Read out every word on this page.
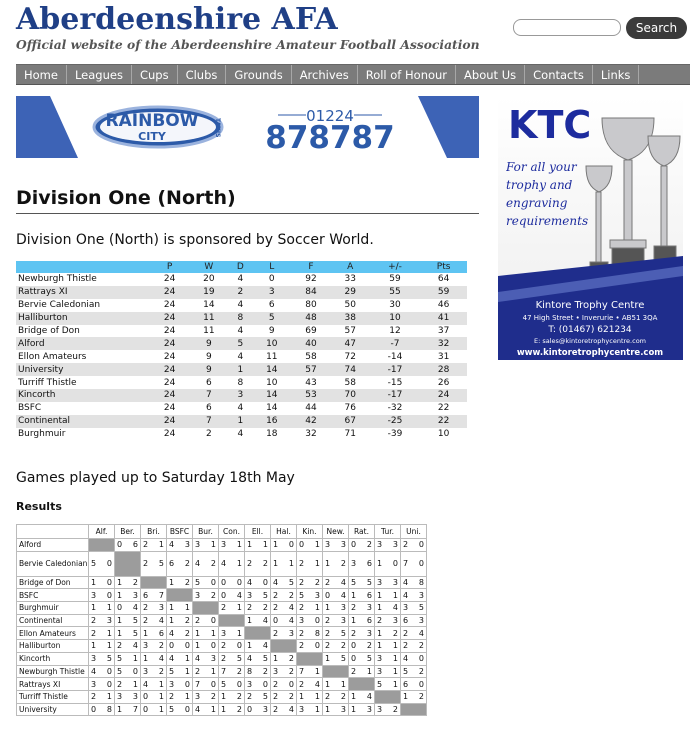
Aberdeenshire AFA
Official website of the Aberdeenshire Amateur Football Association
Search
Home	Leagues	Cups	Clubs	Grounds	Archives	Roll of Honour	About Us	Contacts	Links
RAINBOW
CITY	TAXIS
01224
878787	KTC
For all your trophy and engraving requirements
Kintore Trophy Centre
47 High Street • Inverurie • AB51 3QA
T: (01467) 621234
E: sales@kintoretrophycentre.com
www.kintoretrophycentre.com
Division One (North)
Division One (North) is sponsored by Soccer World.
	P	W	D	L	F	A	+/-	Pts
Newburgh Thistle	24	20	4	0	92	33	59	64
Rattrays XI	24	19	2	3	84	29	55	59
Bervie Caledonian	24	14	4	6	80	50	30	46
Halliburton	24	11	8	5	48	38	10	41
Bridge of Don	24	11	4	9	69	57	12	37
Alford	24	9	5	10	40	47	-7	32
Ellon Amateurs	24	9	4	11	58	72	-14	31
University	24	9	1	14	57	74	-17	28
Turriff Thistle	24	6	8	10	43	58	-15	26
Kincorth	24	7	3	14	53	70	-17	24
BSFC	24	6	4	14	44	76	-32	22
Continental	24	7	1	16	42	67	-25	22
Burghmuir	24	2	4	18	32	71	-39	10
Games played up to Saturday 18th May
Results
	Alf.	Ber.	Bri.	BSFC	Bur.	Con.	Ell.	Hal.	Kin.	New.	Rat.	Tur.	Uni.
Alford		0 6	2 1	4 3	3 1	3 1	1 1	1 0	0 1	3 3	0 2	3 3	2 0

Bervie Caledonian	5 0		2 5	6 2	4 2	4 1	2 2	1 1	2 1	1 2	3 6	1 0	7 0

Bridge of Don	1 0	1 2		1 2	5 0	0 0	4 0	4 5	2 2	2 4	5 5	3 3	4 8

BSFC	3 0	1 3	6 7		3 2	0 4	3 5	2 2	5 3	0 4	1 6	1 1	4 3

Burghmuir	1 1	0 4	2 3	1 1		2 1	2 2	2 4	2 1	1 3	2 3	1 4	3 5

Continental	2 3	1 5	2 4	1 2	2 0		1 4	0 4	3 0	2 3	1 6	2 3	6 3

Ellon Amateurs	2 1	1 5	1 6	4 2	1 1	3 1		2 3	2 8	2 5	2 3	1 2	2 4

Halliburton	1 1	2 4	3 2	0 0	1 0	2 0	1 4		2 0	2 2	0 2	1 1	2 2

Kincorth	3 5	5 1	1 4	4 1	4 3	2 5	4 5	1 2		1 5	0 5	3 1	4 0

Newburgh Thistle	4 0	5 0	3 2	5 1	2 1	7 2	8 2	3 2	7 1		2 1	3 1	5 2

Rattrays XI	3 0	2 1	4 1	3 0	7 0	5 0	3 0	2 0	2 4	1 1		5 1	6 0

Turriff Thistle	2 1	3 3	0 1	2 1	3 2	1 2	2 5	2 2	1 1	2 2	1 4		1 2

University	0 8	1 7	0 1	5 0	4 1	1 2	0 3	2 4	3 1	1 3	1 3	3 2	
